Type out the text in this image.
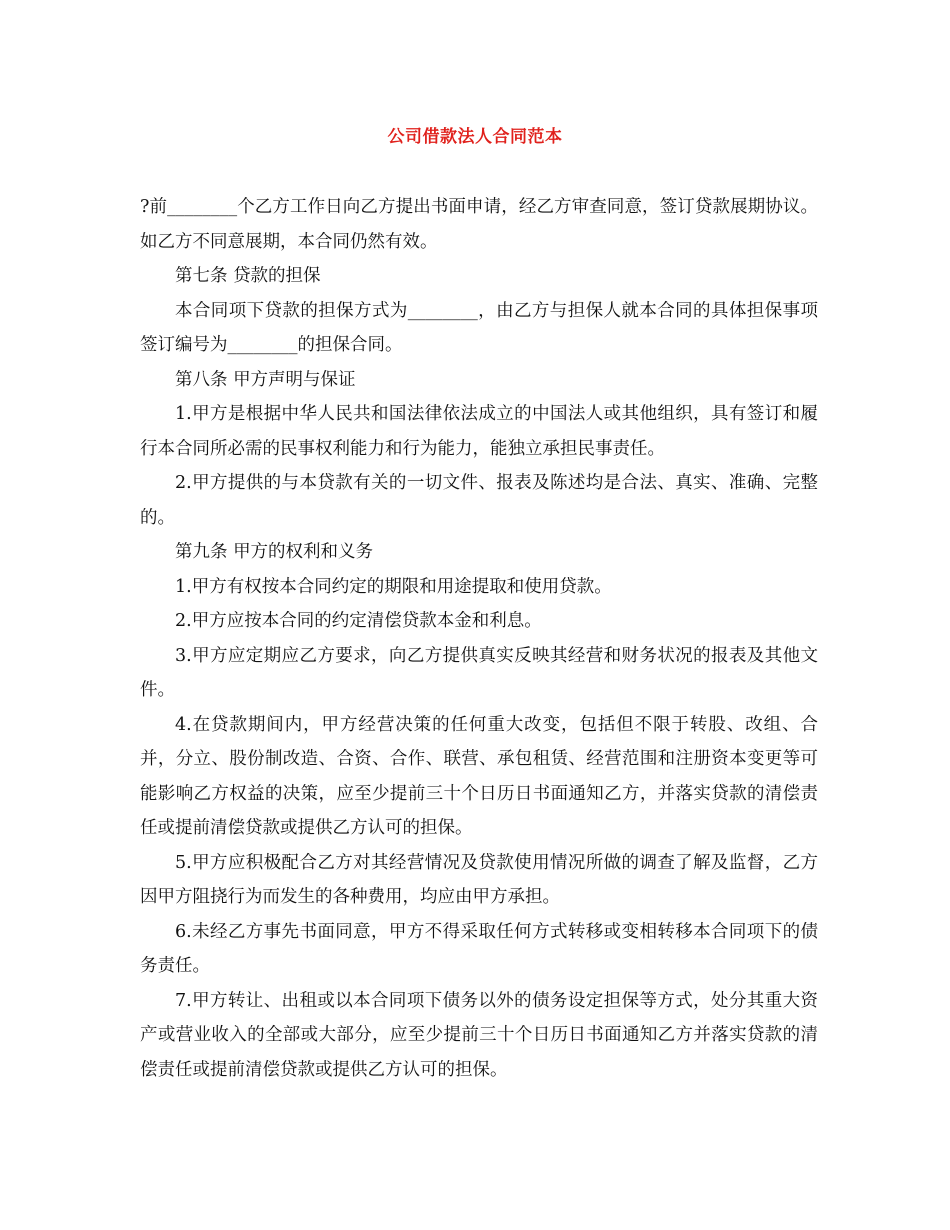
公司借款法人合同范本

?前________个乙方工作日向乙方提出书面申请，经乙方审查同意，签订贷款展期协议。如乙方不同意展期，本合同仍然有效。

第七条 贷款的担保

本合同项下贷款的担保方式为________，由乙方与担保人就本合同的具体担保事项签订编号为________的担保合同。

第八条 甲方声明与保证

1.甲方是根据中华人民共和国法律依法成立的中国法人或其他组织，具有签订和履行本合同所必需的民事权利能力和行为能力，能独立承担民事责任。

2.甲方提供的与本贷款有关的一切文件、报表及陈述均是合法、真实、准确、完整的。

第九条 甲方的权利和义务

1.甲方有权按本合同约定的期限和用途提取和使用贷款。

2.甲方应按本合同的约定清偿贷款本金和利息。

3.甲方应定期应乙方要求，向乙方提供真实反映其经营和财务状况的报表及其他文件。

4.在贷款期间内，甲方经营决策的任何重大改变，包括但不限于转股、改组、合并，分立、股份制改造、合资、合作、联营、承包租赁、经营范围和注册资本变更等可能影响乙方权益的决策，应至少提前三十个日历日书面通知乙方，并落实贷款的清偿责任或提前清偿贷款或提供乙方认可的担保。

5.甲方应积极配合乙方对其经营情况及贷款使用情况所做的调查了解及监督，乙方因甲方阻挠行为而发生的各种费用，均应由甲方承担。

6.未经乙方事先书面同意，甲方不得采取任何方式转移或变相转移本合同项下的债务责任。

7.甲方转让、出租或以本合同项下债务以外的债务设定担保等方式，处分其重大资产或营业收入的全部或大部分，应至少提前三十个日历日书面通知乙方并落实贷款的清偿责任或提前清偿贷款或提供乙方认可的担保。
